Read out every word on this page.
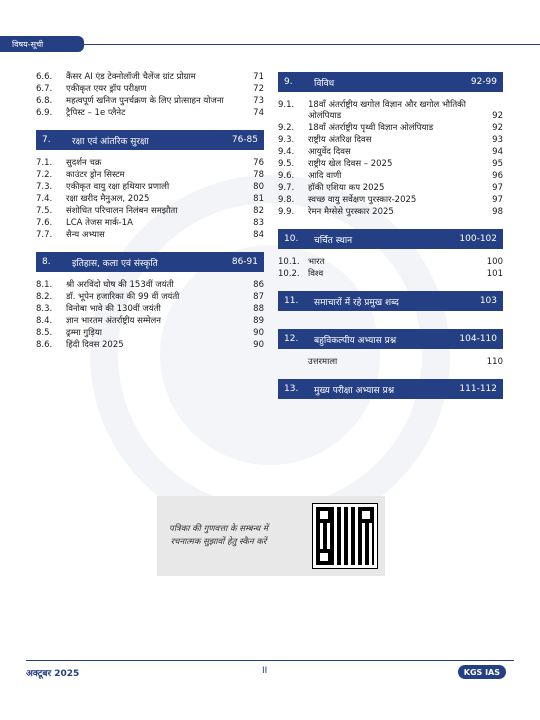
विषय-सूची
6.6.	कैंसर AI एंड टेक्नोलॉजी चैलेंज ग्रांट प्रोग्राम	71
6.7.	एकीकृत एयर ड्रॉप परीक्षण	72
6.8.	महत्वपूर्ण खनिज पुनर्चक्रण के लिए प्रोत्साहन योजना	73
6.9.	ट्रैपिस्ट – 1e प्लैनेट	74
7.	रक्षा एवं आंतरिक सुरक्षा	76-85
7.1.	सुदर्शन चक्र	76
7.2.	काउंटर ड्रोन सिस्टम	78
7.3.	एकीकृत वायु रक्षा हथियार प्रणाली	80
7.4.	रक्षा खरीद मैनुअल, 2025	81
7.5.	संशोधित परिचालन निलंबन समझौता	82
7.6.	LCA तेजस मार्क-1A	83
7.7.	सैन्य अभ्यास	84
8.	इतिहास, कला एवं संस्कृति	86-91
8.1.	श्री अरविंदो घोष की 153वीं जयंती	86
8.2.	डॉ. भूपेन हजारिका की 99 वीं जयंती	87
8.3.	विनोबा भावे की 130वीं जयंती	88
8.4.	ज्ञान भारतम अंतर्राष्ट्रीय सम्मेलन	89
8.5.	ढ्रम्मा गुड़िया	90
8.6.	हिंदी दिवस 2025	90
9.	विविध	92-99
9.1.	18वाँ अंतर्राष्ट्रीय खगोल विज्ञान और खगोल भौतिकी ओलंपियाड	92
9.2.	18वाँ अंतर्राष्ट्रीय पृथ्वी विज्ञान ओलंपियाड	92
9.3.	राष्ट्रीय अंतरिक्ष दिवस	93
9.4.	आयुर्वेद दिवस	94
9.5.	राष्ट्रीय खेल दिवस – 2025	95
9.6.	आदि वाणी	96
9.7.	हॉकी एशिया कप 2025	97
9.8.	स्वच्छ वायु सर्वेक्षण पुरस्कार-2025	97
9.9.	रेमन मैग्सेसे पुरस्कार 2025	98
10.	चर्चित स्थान	100-102
10.1. भारत	100
10.2. विश्व	101
11.	समाचारों में रहे प्रमुख शब्द	103
12.	बहुविकल्पीय अभ्यास प्रश्न	104-110
उत्तरमाला	110
13.	मुख्य परीक्षा अभ्यास प्रश्न	111-112
पत्रिका की गुणवत्ता के सम्बन्ध में
रचनात्मक सुझावों हेतु स्कैन करें
अक्टूबर 2025	II	KGS IAS
